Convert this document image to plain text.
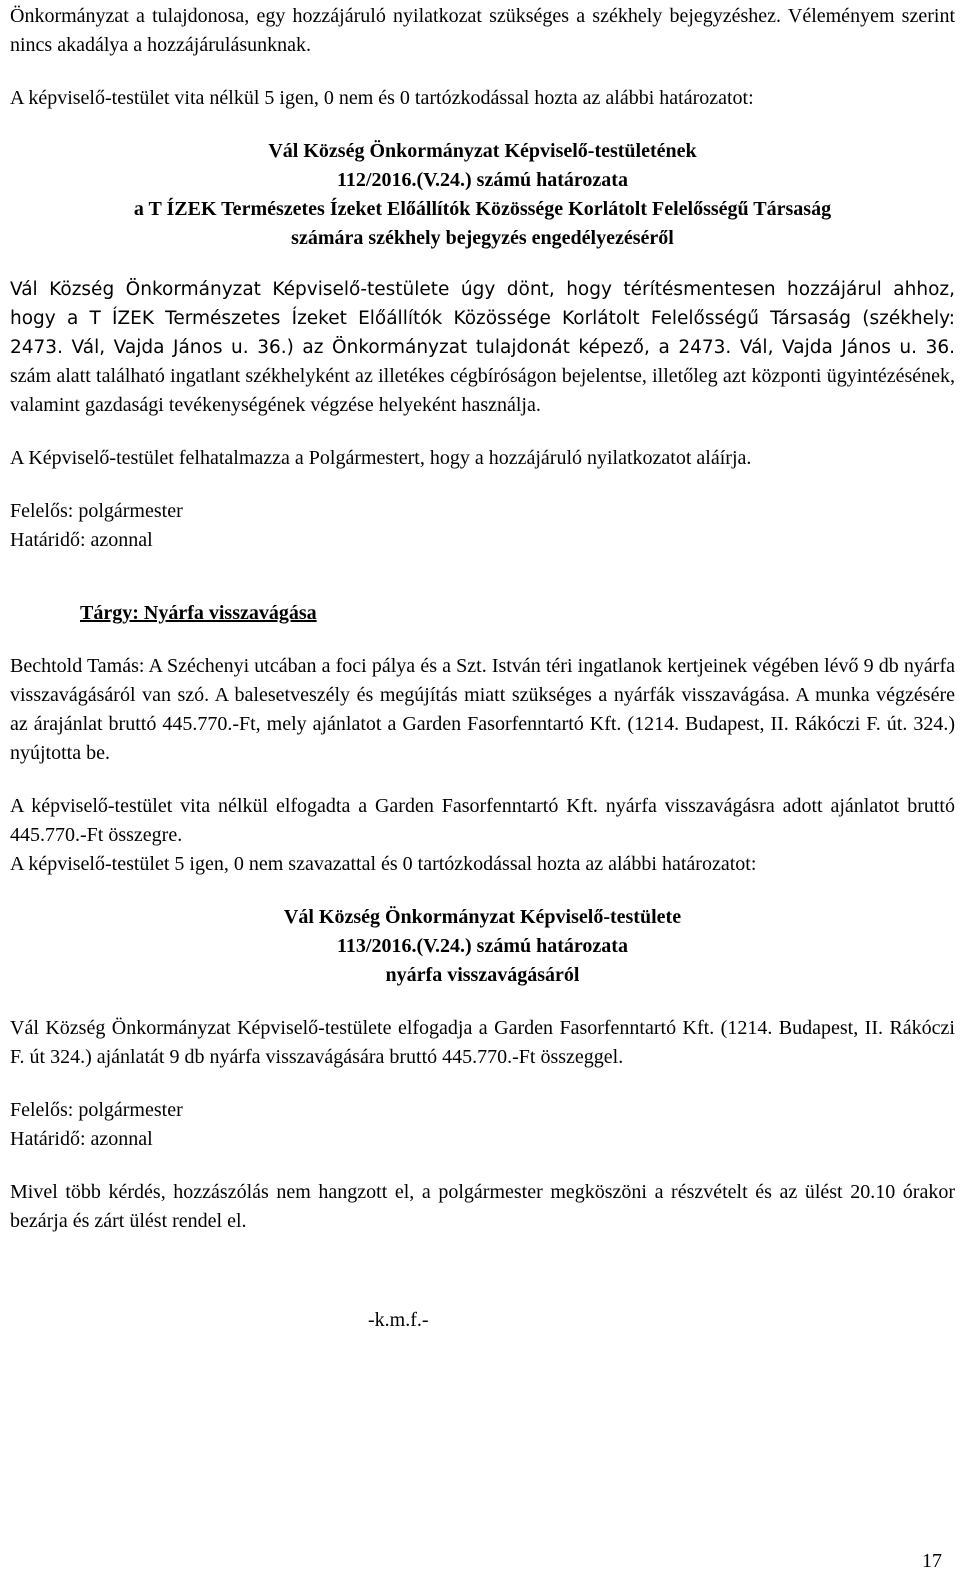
Önkormányzat a tulajdonosa, egy hozzájáruló nyilatkozat szükséges a székhely bejegyzéshez. Véleményem szerint nincs akadálya a hozzájárulásunknak.

A képviselő-testület vita nélkül 5 igen, 0 nem és 0 tartózkodással hozta az alábbi határozatot:

Vál Község Önkormányzat Képviselő-testületének

112/2016.(V.24.) számú határozata

a T ÍZEK Természetes Ízeket Előállítók Közössége Korlátolt Felelősségű Társaság

számára székhely bejegyzés engedélyezéséről

Vál Község Önkormányzat Képviselő-testülete úgy dönt, hogy térítésmentesen hozzájárul ahhoz, hogy a T ÍZEK Természetes Ízeket Előállítók Közössége Korlátolt Felelősségű Társaság (székhely: 2473. Vál, Vajda János u. 36.) az Önkormányzat tulajdonát képező, a 2473. Vál, Vajda János u. 36. szám alatt található ingatlant székhelyként az illetékes cégbíróságon bejelentse, illetőleg azt központi ügyintézésének, valamint gazdasági tevékenységének végzése helyeként használja.

A Képviselő-testület felhatalmazza a Polgármestert, hogy a hozzájáruló nyilatkozatot aláírja.

Felelős: polgármester

Határidő: azonnal

Tárgy: Nyárfa visszavágása

Bechtold Tamás: A Széchenyi utcában a foci pálya és a Szt. István téri ingatlanok kertjeinek végében lévő 9 db nyárfa visszavágásáról van szó. A balesetveszély és megújítás miatt szükséges a nyárfák visszavágása. A munka végzésére az árajánlat bruttó 445.770.-Ft, mely ajánlatot a Garden Fasorfenntartó Kft. (1214. Budapest, II. Rákóczi F. út. 324.) nyújtotta be.

A képviselő-testület vita nélkül elfogadta a Garden Fasorfenntartó Kft. nyárfa visszavágásra adott ajánlatot bruttó 445.770.-Ft összegre.

A képviselő-testület 5 igen, 0 nem szavazattal és 0 tartózkodással hozta az alábbi határozatot:

Vál Község Önkormányzat Képviselő-testülete

113/2016.(V.24.) számú határozata

nyárfa visszavágásáról

Vál Község Önkormányzat Képviselő-testülete elfogadja a Garden Fasorfenntartó Kft. (1214. Budapest, II. Rákóczi F. út 324.) ajánlatát 9 db nyárfa visszavágására bruttó 445.770.-Ft összeggel.

Felelős: polgármester

Határidő: azonnal

Mivel több kérdés, hozzászólás nem hangzott el, a polgármester megköszöni a részvételt és az ülést 20.10 órakor bezárja és zárt ülést rendel el.

-k.m.f.-

17
